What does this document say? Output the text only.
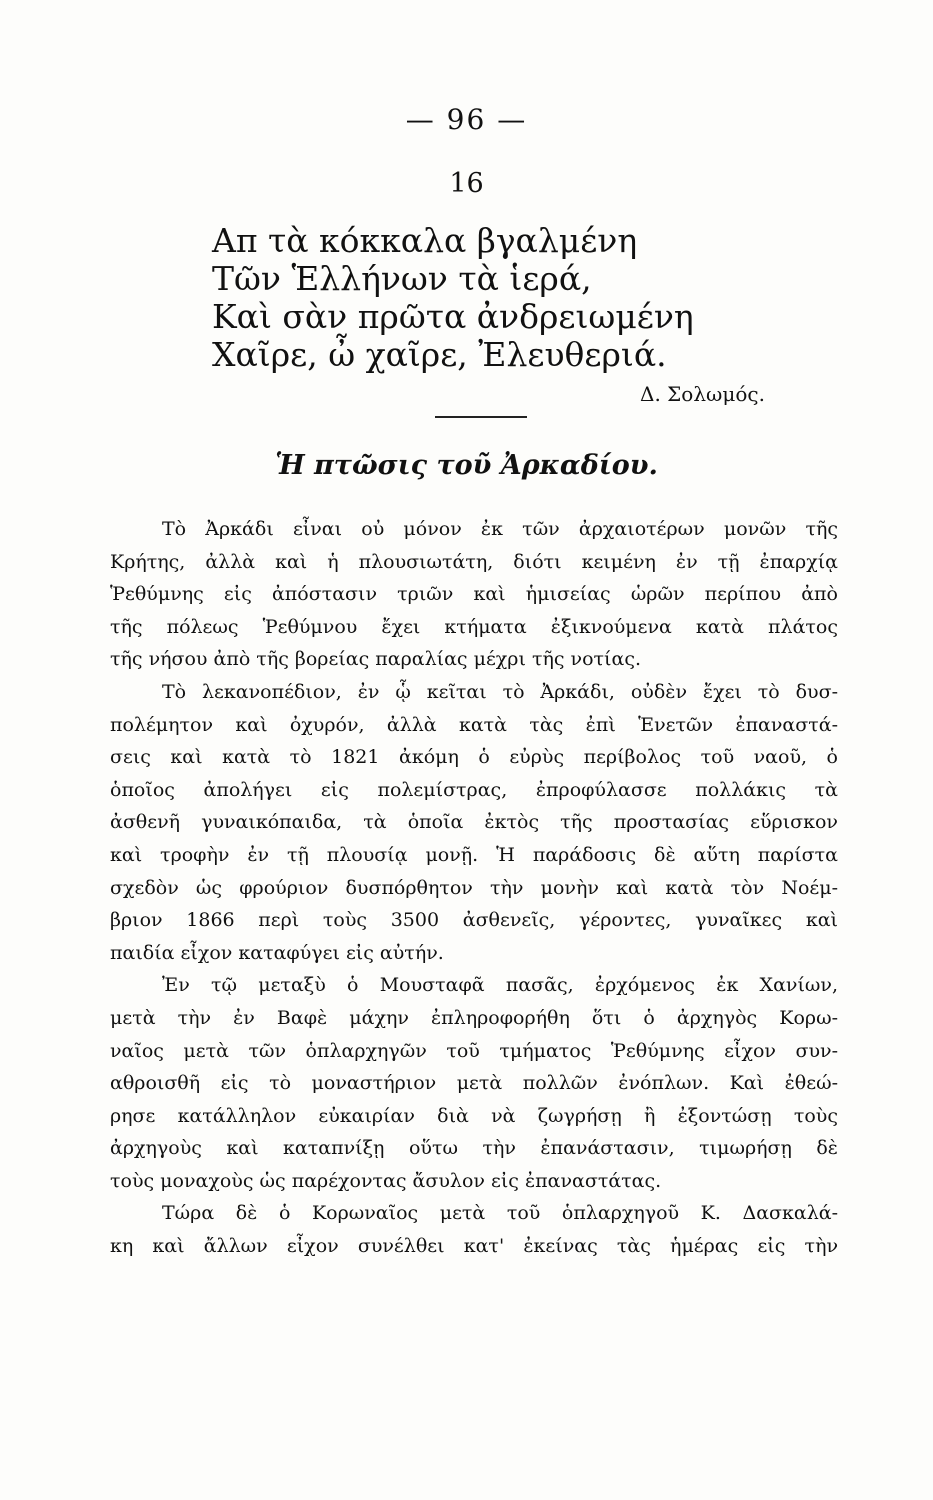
— 96 —
16
Απ τὰ κόκκαλα βγαλμένη
Τῶν Ἑλλήνων τὰ ἱερά,
Καὶ σὰν πρῶτα ἀνδρειωμένη
Χαῖρε, ὦ χαῖρε, Ἐλευθεριά.
Δ. Σολωμός.
Ἡ πτῶσις τοῦ Ἀρκαδίου.
Τὸ Ἀρκάδι εἶναι οὐ μόνον ἐκ τῶν ἀρχαιοτέρων μονῶν τῆς
Κρήτης, ἀλλὰ καὶ ἡ πλουσιωτάτη, διότι κειμένη ἐν τῇ ἐπαρχίᾳ
Ῥεθύμνης εἰς ἀπόστασιν τριῶν καὶ ἡμισείας ὡρῶν περίπου ἀπὸ
τῆς πόλεως Ῥεθύμνου ἔχει κτήματα ἐξικνούμενα κατὰ πλάτος
τῆς νήσου ἀπὸ τῆς βορείας παραλίας μέχρι τῆς νοτίας.
Τὸ λεκανοπέδιον, ἐν ᾧ κεῖται τὸ Ἀρκάδι, οὐδὲν ἔχει τὸ δυσ-
πολέμητον καὶ ὀχυρόν, ἀλλὰ κατὰ τὰς ἐπὶ Ἑνετῶν ἐπαναστά-
σεις καὶ κατὰ τὸ 1821 ἀκόμη ὁ εὐρὺς περίβολος τοῦ ναοῦ, ὁ
ὁποῖος ἀπολήγει εἰς πολεμίστρας, ἐπροφύλασσε πολλάκις τὰ
ἀσθενῆ γυναικόπαιδα, τὰ ὁποῖα ἐκτὸς τῆς προστασίας εὕρισκον
καὶ τροφὴν ἐν τῇ πλουσίᾳ μονῇ. Ἡ παράδοσις δὲ αὕτη παρίστα
σχεδὸν ὡς φρούριον δυσπόρθητον τὴν μονὴν καὶ κατὰ τὸν Νοέμ-
βριον 1866 περὶ τοὺς 3500 ἀσθενεῖς, γέροντες, γυναῖκες καὶ
παιδία εἶχον καταφύγει εἰς αὐτήν.
Ἐν τῷ μεταξὺ ὁ Μουσταφᾶ πασᾶς, ἐρχόμενος ἐκ Χανίων,
μετὰ τὴν ἐν Βαφὲ μάχην ἐπληροφορήθη ὅτι ὁ ἀρχηγὸς Κορω-
ναῖος μετὰ τῶν ὁπλαρχηγῶν τοῦ τμήματος Ῥεθύμνης εἶχον συν-
αθροισθῆ εἰς τὸ μοναστήριον μετὰ πολλῶν ἐνόπλων. Καὶ ἐθεώ-
ρησε κατάλληλον εὐκαιρίαν διὰ νὰ ζωγρήσῃ ἢ ἐξοντώσῃ τοὺς
ἀρχηγοὺς καὶ καταπνίξῃ οὕτω τὴν ἐπανάστασιν, τιμωρήσῃ δὲ
τοὺς μοναχοὺς ὡς παρέχοντας ἄσυλον εἰς ἐπαναστάτας.
Τώρα δὲ ὁ Κορωναῖος μετὰ τοῦ ὁπλαρχηγοῦ Κ. Δασκαλά-
κη καὶ ἄλλων εἶχον συνέλθει κατ' ἐκείνας τὰς ἡμέρας εἰς τὴν
